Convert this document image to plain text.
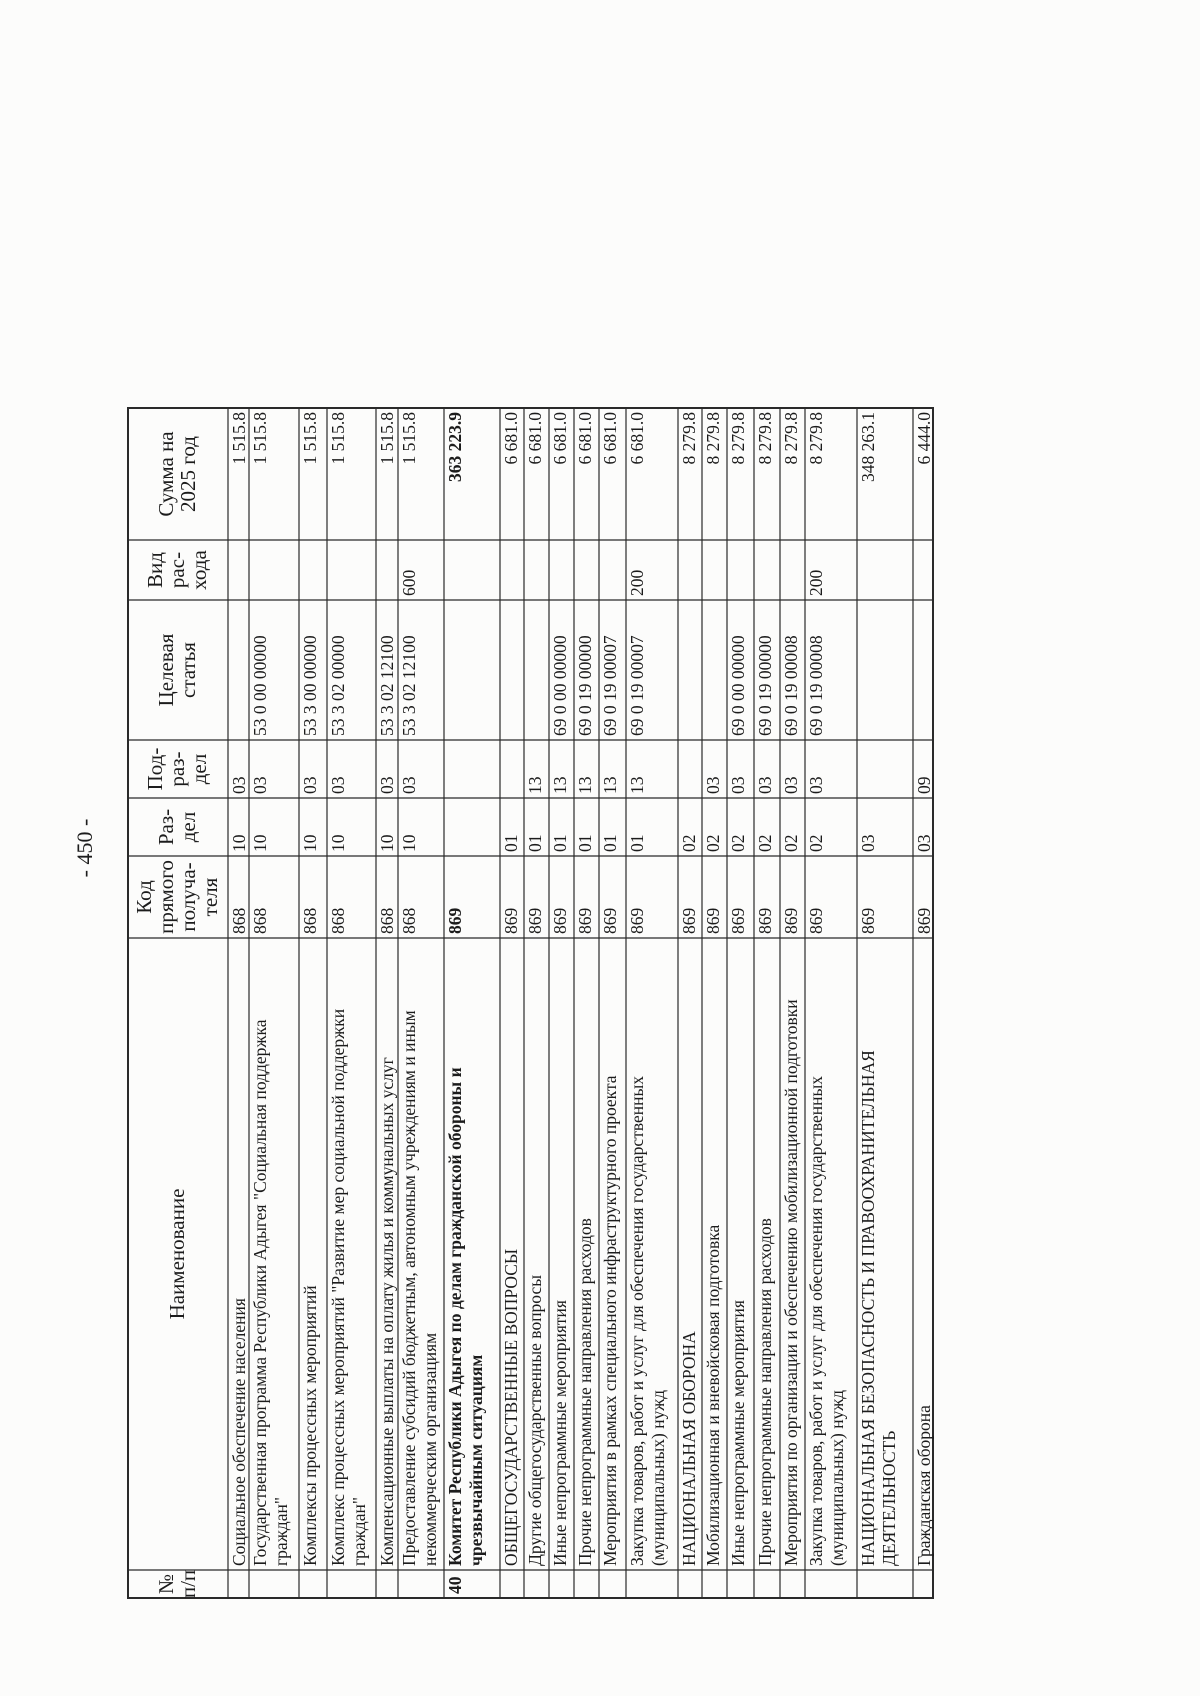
- 450 -
№
п/п
Наименование
Код
прямого
получа-
теля
Раз-
дел
Под-
раз-
дел
Целевая
статья
Вид
рас-
хода
Сумма на
2025 год
Социальное обеспечение населения
868
10
03
1 515.8
Государственная программа Республики Адыгея "Социальная поддержка граждан"
868
10
03
53 0 00 00000
1 515.8
Комплексы процессных мероприятий
868
10
03
53 3 00 00000
1 515.8
Комплекс процессных мероприятий "Развитие мер социальной поддержки граждан"
868
10
03
53 3 02 00000
1 515.8
Компенсационные выплаты на оплату жилья и коммунальных услуг
868
10
03
53 3 02 12100
1 515.8
Предоставление субсидий бюджетным, автономным учреждениям и иным некоммерческим организациям
868
10
03
53 3 02 12100
600
1 515.8
40
Комитет Республики Адыгея по делам гражданской обороны и чрезвычайным ситуациям
869
363 223.9
ОБЩЕГОСУДАРСТВЕННЫЕ ВОПРОСЫ
869
01
6 681.0
Другие общегосударственные вопросы
869
01
13
6 681.0
Иные непрограммные мероприятия
869
01
13
69 0 00 00000
6 681.0
Прочие непрограммные направления расходов
869
01
13
69 0 19 00000
6 681.0
Мероприятия в рамках специального инфраструктурного проекта
869
01
13
69 0 19 00007
6 681.0
Закупка товаров, работ и услуг для обеспечения государственных (муниципальных) нужд
869
01
13
69 0 19 00007
200
6 681.0
НАЦИОНАЛЬНАЯ ОБОРОНА
869
02
8 279.8
Мобилизационная и вневойсковая подготовка
869
02
03
8 279.8
Иные непрограммные мероприятия
869
02
03
69 0 00 00000
8 279.8
Прочие непрограммные направления расходов
869
02
03
69 0 19 00000
8 279.8
Мероприятия по организации и обеспечению мобилизационной подготовки
869
02
03
69 0 19 00008
8 279.8
Закупка товаров, работ и услуг для обеспечения государственных (муниципальных) нужд
869
02
03
69 0 19 00008
200
8 279.8
НАЦИОНАЛЬНАЯ БЕЗОПАСНОСТЬ И ПРАВООХРАНИТЕЛЬНАЯ ДЕЯТЕЛЬНОСТЬ
869
03
348 263.1
Гражданская оборона
869
03
09
6 444.0
